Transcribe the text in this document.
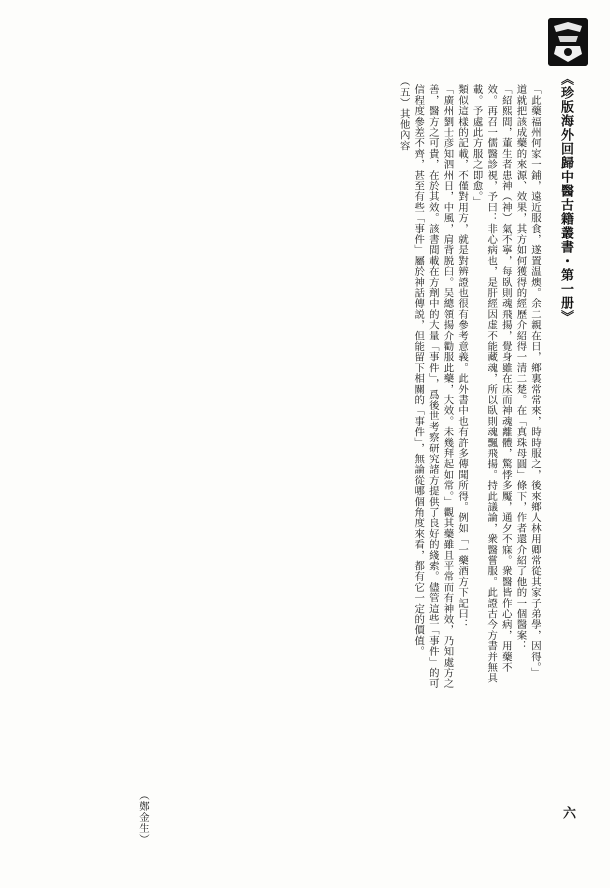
《珍版海外回歸中醫古籍叢書・第一册》
六

「此藥福州何家一鋪，遠近服食，遂置温燠。余二親在日，鄉裏常常來，時時服之，後來鄉人林用卿常從其家子弟學，因得。」

道就把該成藥的來源、效果，其方如何獲得的經歷介紹得一清二楚。在「真珠母圓」條下，作者還介紹了他的一個醫案：

「紹熙間，董生者患神（神）氣不寧，每臥則魂飛揚，覺身雖在床而神魂離體，驚悸多魘，通夕不寐。衆醫皆作心病，用藥不效。再召一儒醫診視，予曰：非心病也，是肝經因虚不能藏魂，所以臥則魂飄飛揚。持此議論，衆醫嘗服。此證古今方書并無具載。予處此方服之即愈。」

類似這樣的記載，不僅對用方，就是對辨證也很有參考意義。此外書中也有許多傳聞所得。例如「一藥酒方下記曰：

「廣州劉士彦知泗州日，中風，肩背脱臼。吴總領揚介勸服此藥，大效。未幾拜起如常。」觀其藥雖且平常而有神效，乃知處方之善，醫方之可貴，在於其效。該書間載在方劑中的大量「事件」，爲後世考察研究諸方提供了良好的綫索。儘管這些「事件」的可信程度參差不齊，甚至有些「事件」屬於神話傳説，但能留下相關的「事件」，無論從哪個角度來看，都有它一定的價值。

（五）其他內容

（鄭金生）
